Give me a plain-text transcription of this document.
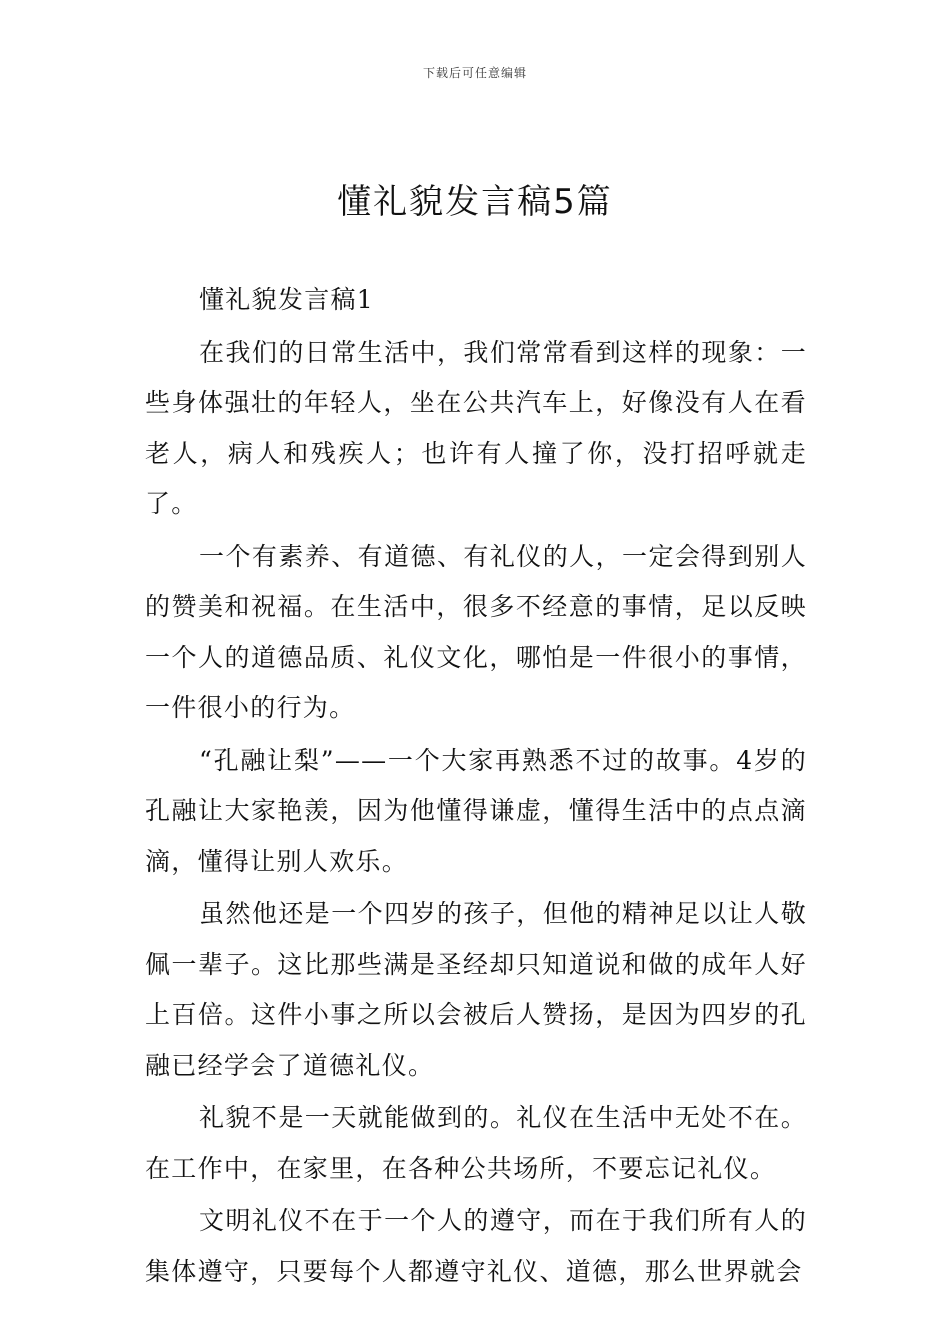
下载后可任意编辑
懂礼貌发言稿5篇

懂礼貌发言稿1

在我们的日常生活中，我们常常看到这样的现象：一些身体强壮的年轻人，坐在公共汽车上，好像没有人在看老人，病人和残疾人；也许有人撞了你，没打招呼就走了。

一个有素养、有道德、有礼仪的人，一定会得到别人的赞美和祝福。在生活中，很多不经意的事情，足以反映一个人的道德品质、礼仪文化，哪怕是一件很小的事情，一件很小的行为。

“孔融让梨”——一个大家再熟悉不过的故事。4岁的孔融让大家艳羡，因为他懂得谦虚，懂得生活中的点点滴滴，懂得让别人欢乐。

虽然他还是一个四岁的孩子，但他的精神足以让人敬佩一辈子。这比那些满是圣经却只知道说和做的成年人好上百倍。这件小事之所以会被后人赞扬，是因为四岁的孔融已经学会了道德礼仪。

礼貌不是一天就能做到的。礼仪在生活中无处不在。在工作中，在家里，在各种公共场所，不要忘记礼仪。

文明礼仪不在于一个人的遵守，而在于我们所有人的集体遵守，只要每个人都遵守礼仪、道德，那么世界就会
